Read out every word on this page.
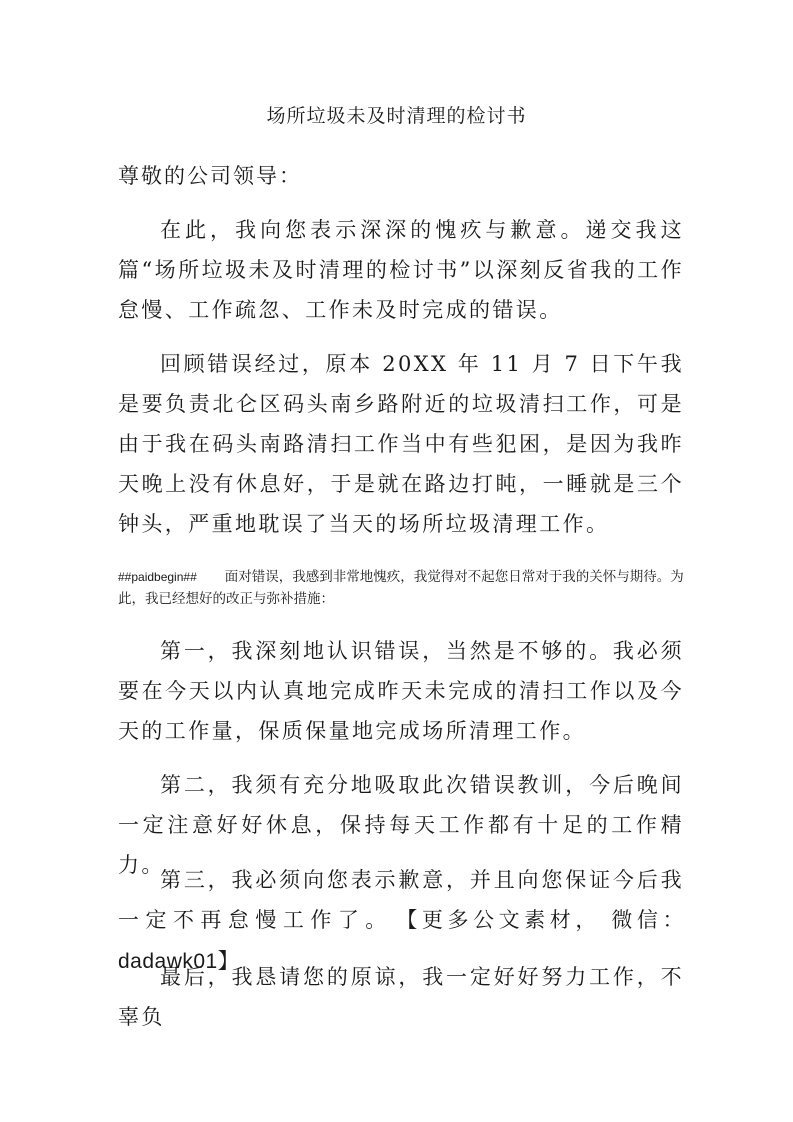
场所垃圾未及时清理的检讨书
尊敬的公司领导：

在此，我向您表示深深的愧疚与歉意。递交我这篇“场所垃圾未及时清理的检讨书”以深刻反省我的工作怠慢、工作疏忽、工作未及时完成的错误。

回顾错误经过，原本 20XX 年 11 月 7 日下午我是要负责北仑区码头南乡路附近的垃圾清扫工作，可是由于我在码头南路清扫工作当中有些犯困，是因为我昨天晚上没有休息好，于是就在路边打盹，一睡就是三个钟头，严重地耽误了当天的场所垃圾清理工作。

##paidbegin## 面对错误，我感到非常地愧疚，我觉得对不起您日常对于我的关怀与期待。为此，我已经想好的改正与弥补措施：

第一，我深刻地认识错误，当然是不够的。我必须要在今天以内认真地完成昨天未完成的清扫工作以及今天的工作量，保质保量地完成场所清理工作。

第二，我须有充分地吸取此次错误教训，今后晚间一定注意好好休息，保持每天工作都有十足的工作精力。

第三，我必须向您表示歉意，并且向您保证今后我一定不再怠慢工作了。 【更多公文素材， 微信：dadawk01】

最后，我恳请您的原谅，我一定好好努力工作，不辜负
